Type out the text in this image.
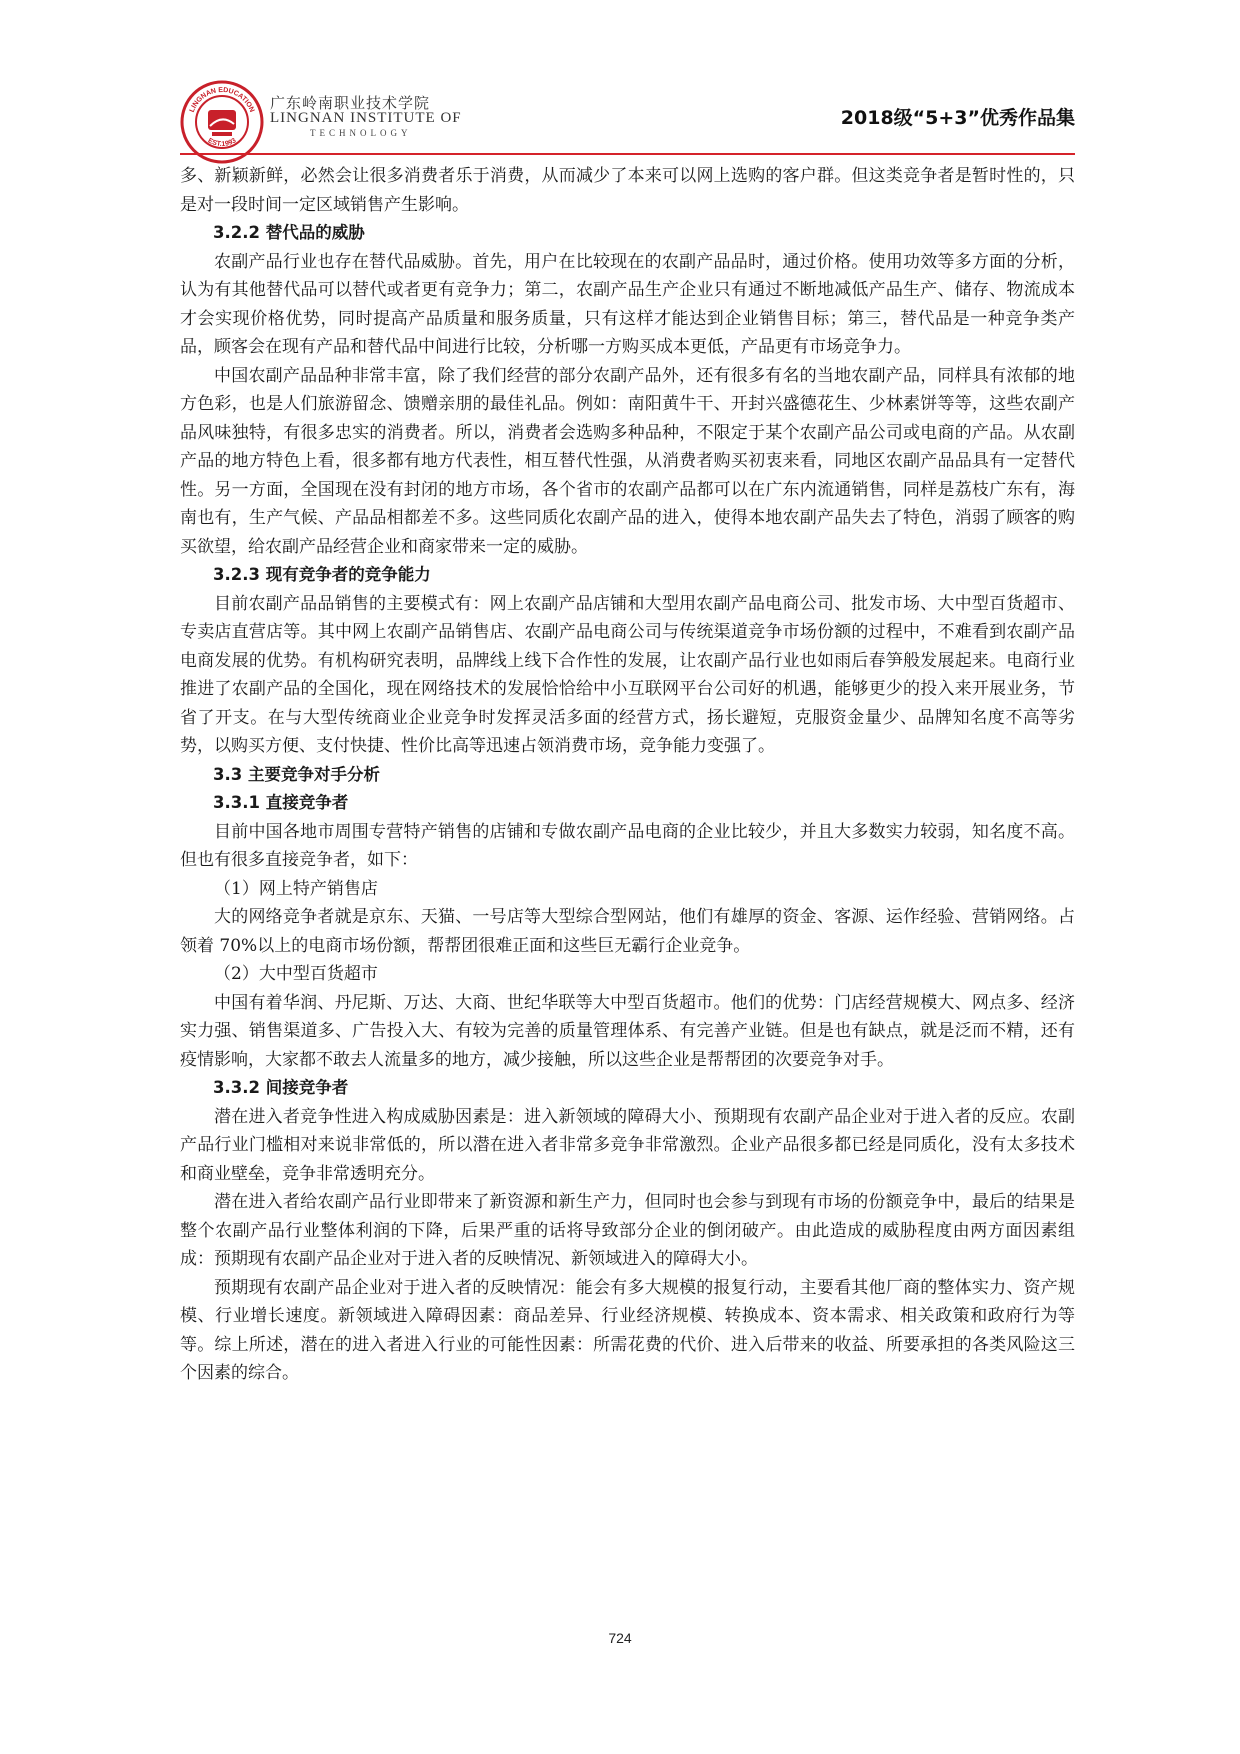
LINGNAN EDUCATION
EST.1993
广东岭南职业技术学院
LINGNAN INSTITUTE OF
TECHNOLOGY
2018级“5+3”优秀作品集

多、新颖新鲜，必然会让很多消费者乐于消费，从而减少了本来可以网上选购的客户群。但这类竞争者是暂时性的，只是对一段时间一定区域销售产生影响。

3.2.2 替代品的威胁

农副产品行业也存在替代品威胁。首先，用户在比较现在的农副产品品时，通过价格。使用功效等多方面的分析，认为有其他替代品可以替代或者更有竞争力；第二，农副产品生产企业只有通过不断地减低产品生产、储存、物流成本才会实现价格优势，同时提高产品质量和服务质量，只有这样才能达到企业销售目标；第三，替代品是一种竞争类产品，顾客会在现有产品和替代品中间进行比较，分析哪一方购买成本更低，产品更有市场竞争力。

中国农副产品品种非常丰富，除了我们经营的部分农副产品外，还有很多有名的当地农副产品，同样具有浓郁的地方色彩，也是人们旅游留念、馈赠亲朋的最佳礼品。例如：南阳黄牛干、开封兴盛德花生、少林素饼等等，这些农副产品风味独特，有很多忠实的消费者。所以，消费者会选购多种品种，不限定于某个农副产品公司或电商的产品。从农副产品的地方特色上看，很多都有地方代表性，相互替代性强，从消费者购买初衷来看，同地区农副产品品具有一定替代性。另一方面，全国现在没有封闭的地方市场，各个省市的农副产品都可以在广东内流通销售，同样是荔枝广东有，海南也有，生产气候、产品品相都差不多。这些同质化农副产品的进入，使得本地农副产品失去了特色，消弱了顾客的购买欲望，给农副产品经营企业和商家带来一定的威胁。

3.2.3 现有竞争者的竞争能力

目前农副产品品销售的主要模式有：网上农副产品店铺和大型用农副产品电商公司、批发市场、大中型百货超市、专卖店直营店等。其中网上农副产品销售店、农副产品电商公司与传统渠道竞争市场份额的过程中，不难看到农副产品电商发展的优势。有机构研究表明，品牌线上线下合作性的发展，让农副产品行业也如雨后春笋般发展起来。电商行业推进了农副产品的全国化，现在网络技术的发展恰恰给中小互联网平台公司好的机遇，能够更少的投入来开展业务，节省了开支。在与大型传统商业企业竞争时发挥灵活多面的经营方式，扬长避短，克服资金量少、品牌知名度不高等劣势，以购买方便、支付快捷、性价比高等迅速占领消费市场，竞争能力变强了。

3.3 主要竞争对手分析

3.3.1 直接竞争者

目前中国各地市周围专营特产销售的店铺和专做农副产品电商的企业比较少，并且大多数实力较弱，知名度不高。但也有很多直接竞争者，如下：

（1）网上特产销售店

大的网络竞争者就是京东、天猫、一号店等大型综合型网站，他们有雄厚的资金、客源、运作经验、营销网络。占领着 70%以上的电商市场份额，帮帮团很难正面和这些巨无霸行企业竞争。

（2）大中型百货超市

中国有着华润、丹尼斯、万达、大商、世纪华联等大中型百货超市。他们的优势：门店经营规模大、网点多、经济实力强、销售渠道多、广告投入大、有较为完善的质量管理体系、有完善产业链。但是也有缺点，就是泛而不精，还有疫情影响，大家都不敢去人流量多的地方，减少接触，所以这些企业是帮帮团的次要竞争对手。

3.3.2 间接竞争者

潜在进入者竞争性进入构成威胁因素是：进入新领域的障碍大小、预期现有农副产品企业对于进入者的反应。农副产品行业门槛相对来说非常低的，所以潜在进入者非常多竞争非常激烈。企业产品很多都已经是同质化，没有太多技术和商业壁垒，竞争非常透明充分。

潜在进入者给农副产品行业即带来了新资源和新生产力，但同时也会参与到现有市场的份额竞争中，最后的结果是整个农副产品行业整体利润的下降，后果严重的话将导致部分企业的倒闭破产。由此造成的威胁程度由两方面因素组成：预期现有农副产品企业对于进入者的反映情况、新领域进入的障碍大小。

预期现有农副产品企业对于进入者的反映情况：能会有多大规模的报复行动，主要看其他厂商的整体实力、资产规模、行业增长速度。新领域进入障碍因素：商品差异、行业经济规模、转换成本、资本需求、相关政策和政府行为等等。综上所述，潜在的进入者进入行业的可能性因素：所需花费的代价、进入后带来的收益、所要承担的各类风险这三个因素的综合。

724
